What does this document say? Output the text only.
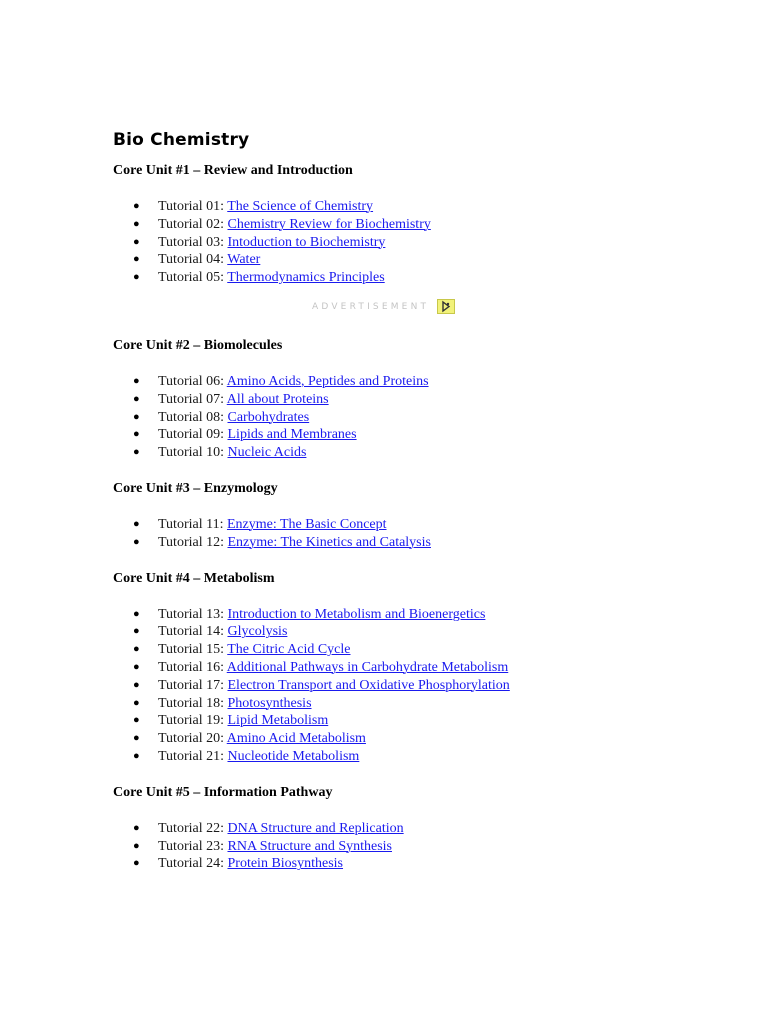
Bio Chemistry

Core Unit #1 – Review and Introduction

● Tutorial 01: The Science of Chemistry
● Tutorial 02: Chemistry Review for Biochemistry
● Tutorial 03: Intoduction to Biochemistry
● Tutorial 04: Water
● Tutorial 05: Thermodynamics Principles
ADVERTISEMENT

Core Unit #2 – Biomolecules

● Tutorial 06: Amino Acids, Peptides and Proteins
● Tutorial 07: All about Proteins
● Tutorial 08: Carbohydrates
● Tutorial 09: Lipids and Membranes
● Tutorial 10: Nucleic Acids

Core Unit #3 – Enzymology

● Tutorial 11: Enzyme: The Basic Concept
● Tutorial 12: Enzyme: The Kinetics and Catalysis

Core Unit #4 – Metabolism

● Tutorial 13: Introduction to Metabolism and Bioenergetics
● Tutorial 14: Glycolysis
● Tutorial 15: The Citric Acid Cycle
● Tutorial 16: Additional Pathways in Carbohydrate Metabolism
● Tutorial 17: Electron Transport and Oxidative Phosphorylation
● Tutorial 18: Photosynthesis
● Tutorial 19: Lipid Metabolism
● Tutorial 20: Amino Acid Metabolism
● Tutorial 21: Nucleotide Metabolism

Core Unit #5 – Information Pathway

● Tutorial 22: DNA Structure and Replication
● Tutorial 23: RNA Structure and Synthesis
● Tutorial 24: Protein Biosynthesis
